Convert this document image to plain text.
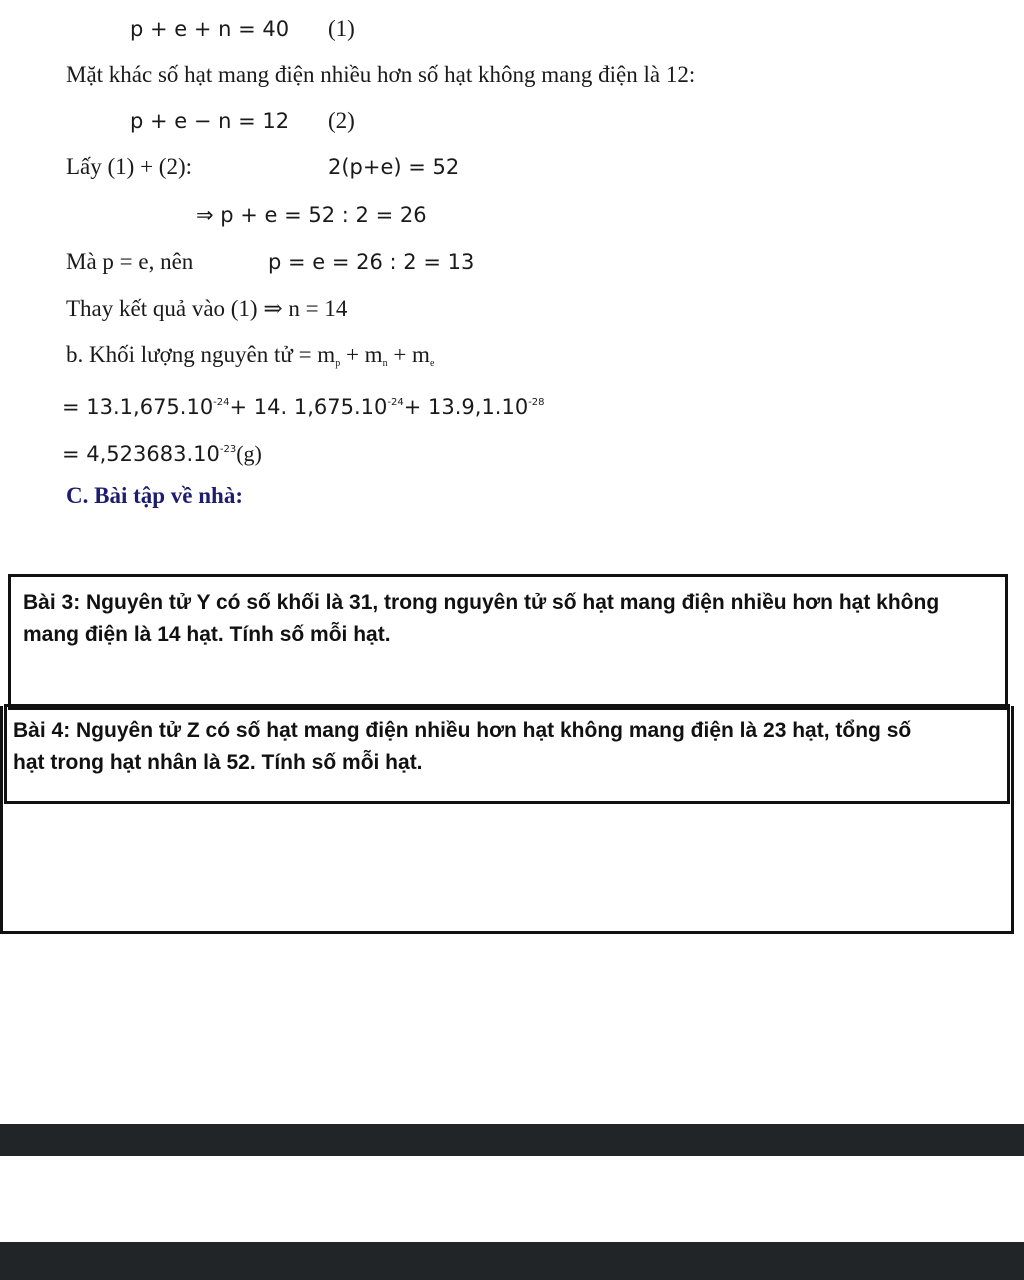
p + e + n = 40 (1)
Mặt khác số hạt mang điện nhiều hơn số hạt không mang điện là 12:
p + e − n = 12 (2)
Lấy (1) + (2):	2(p+e) = 52
⇒ p + e = 52 : 2 = 26
Mà p = e, nên	p = e = 26 : 2 = 13
Thay kết quả vào (1) ⇒ n = 14
b. Khối lượng nguyên tử = $m_p + m_n + m_e$
= $13.1,675.10^{-24}+ 14$. $1,675.10^{-24}+ 13.9,1.10^{-28}$
= $4,523683.10^{-23}(g)$
C. Bài tập về nhà:

Bài 3: Nguyên tử Y có số khối là 31, trong nguyên tử số hạt mang điện nhiều hơn hạt không

mang điện là 14 hạt. Tính số mỗi hạt.

Bài 4: Nguyên tử Z có số hạt mang điện nhiều hơn hạt không mang điện là 23 hạt, tổng số

hạt trong hạt nhân là 52. Tính số mỗi hạt.
